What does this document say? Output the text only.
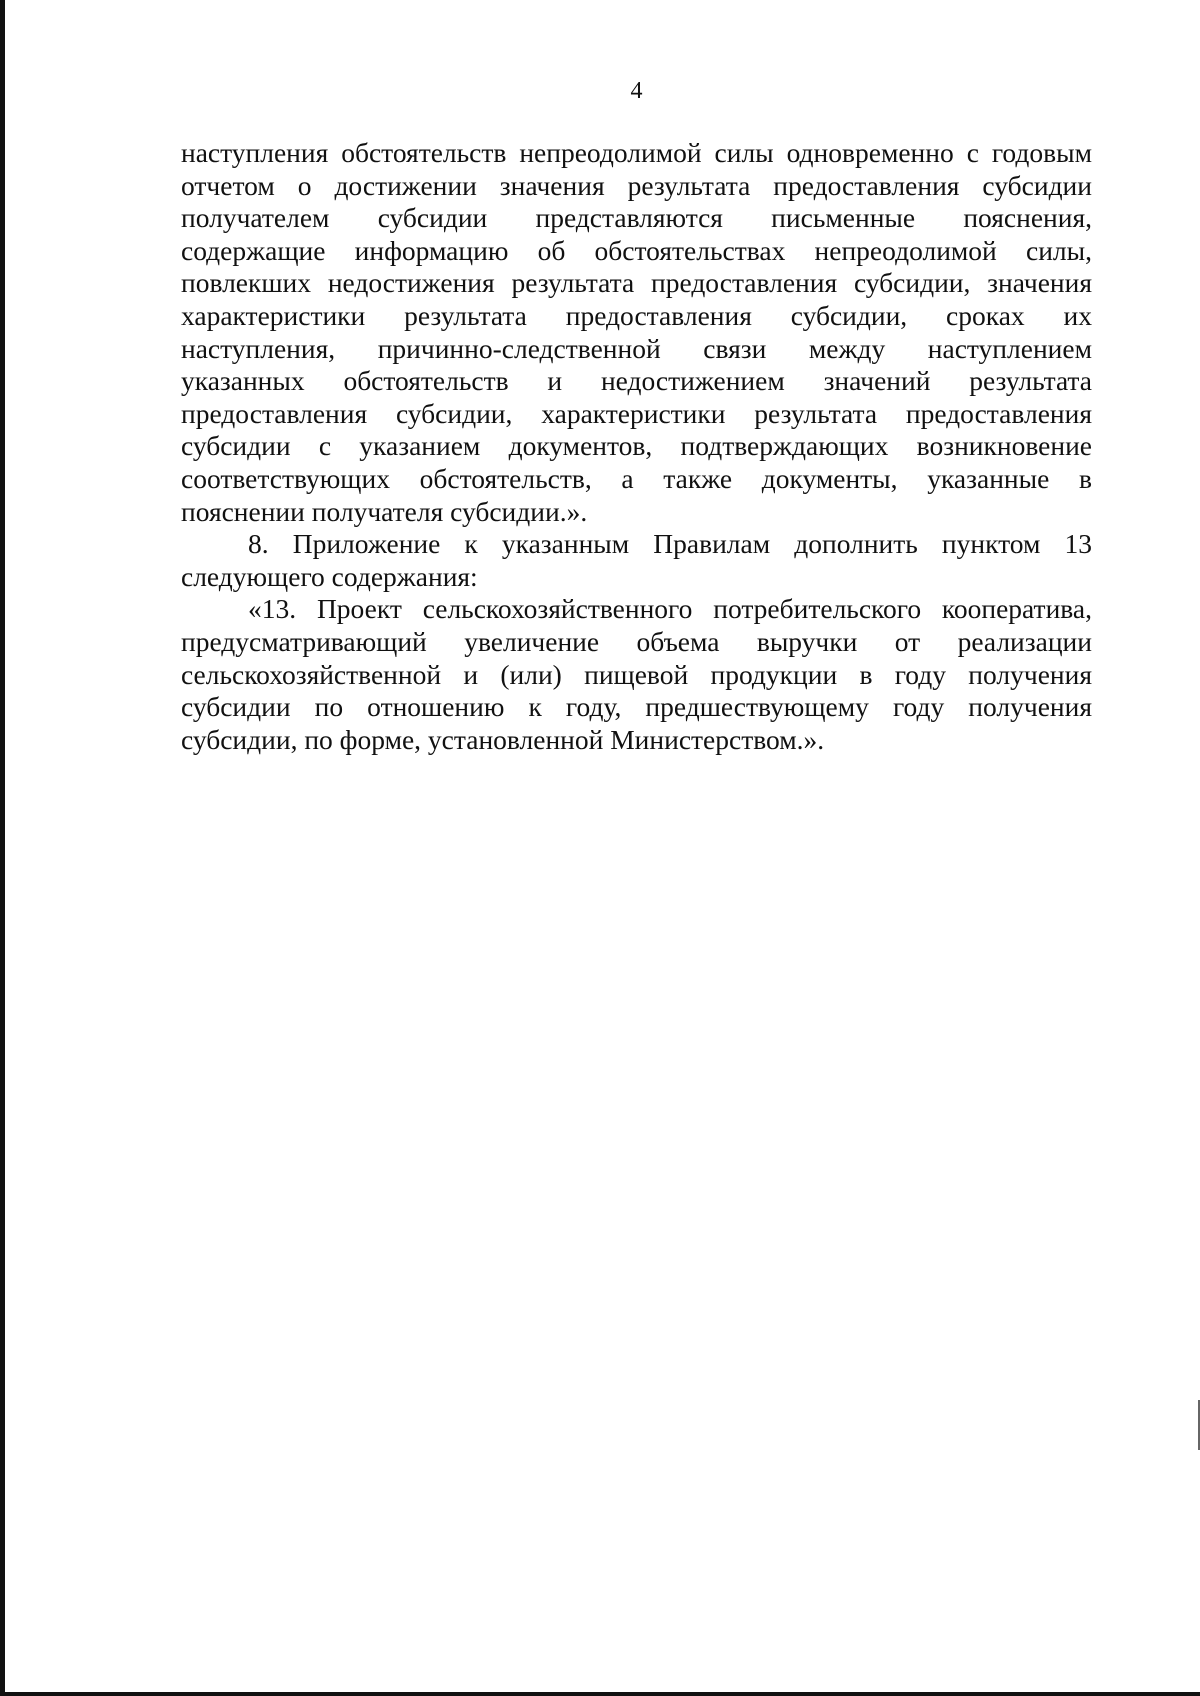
4

наступления обстоятельств непреодолимой силы одновременно с годовым

отчетом о достижении значения результата предоставления субсидии

получателем субсидии представляются письменные пояснения,

содержащие информацию об обстоятельствах непреодолимой силы,

повлекших недостижения результата предоставления субсидии, значения

характеристики результата предоставления субсидии, сроках их

наступления, причинно-следственной связи между наступлением

указанных обстоятельств и недостижением значений результата

предоставления субсидии, характеристики результата предоставления

субсидии с указанием документов, подтверждающих возникновение

соответствующих обстоятельств, а также документы, указанные в

пояснении получателя субсидии.».

8. Приложение к указанным Правилам дополнить пунктом 13

следующего содержания:

«13. Проект сельскохозяйственного потребительского кооператива,

предусматривающий увеличение объема выручки от реализации

сельскохозяйственной и (или) пищевой продукции в году получения

субсидии по отношению к году, предшествующему году получения

субсидии, по форме, установленной Министерством.».
